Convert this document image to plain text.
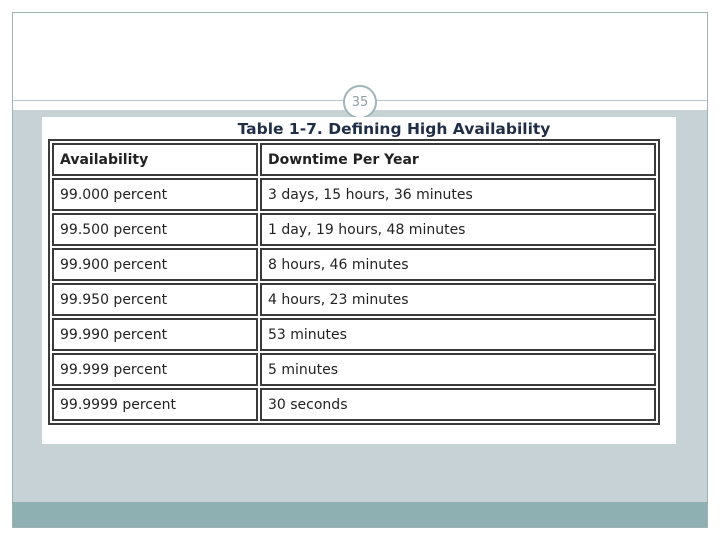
35
Table 1-7. Defining High Availability
Availability	Downtime Per Year
99.000 percent	3 days, 15 hours, 36 minutes
99.500 percent	1 day, 19 hours, 48 minutes
99.900 percent	8 hours, 46 minutes
99.950 percent	4 hours, 23 minutes
99.990 percent	53 minutes
99.999 percent	5 minutes
99.9999 percent	30 seconds
